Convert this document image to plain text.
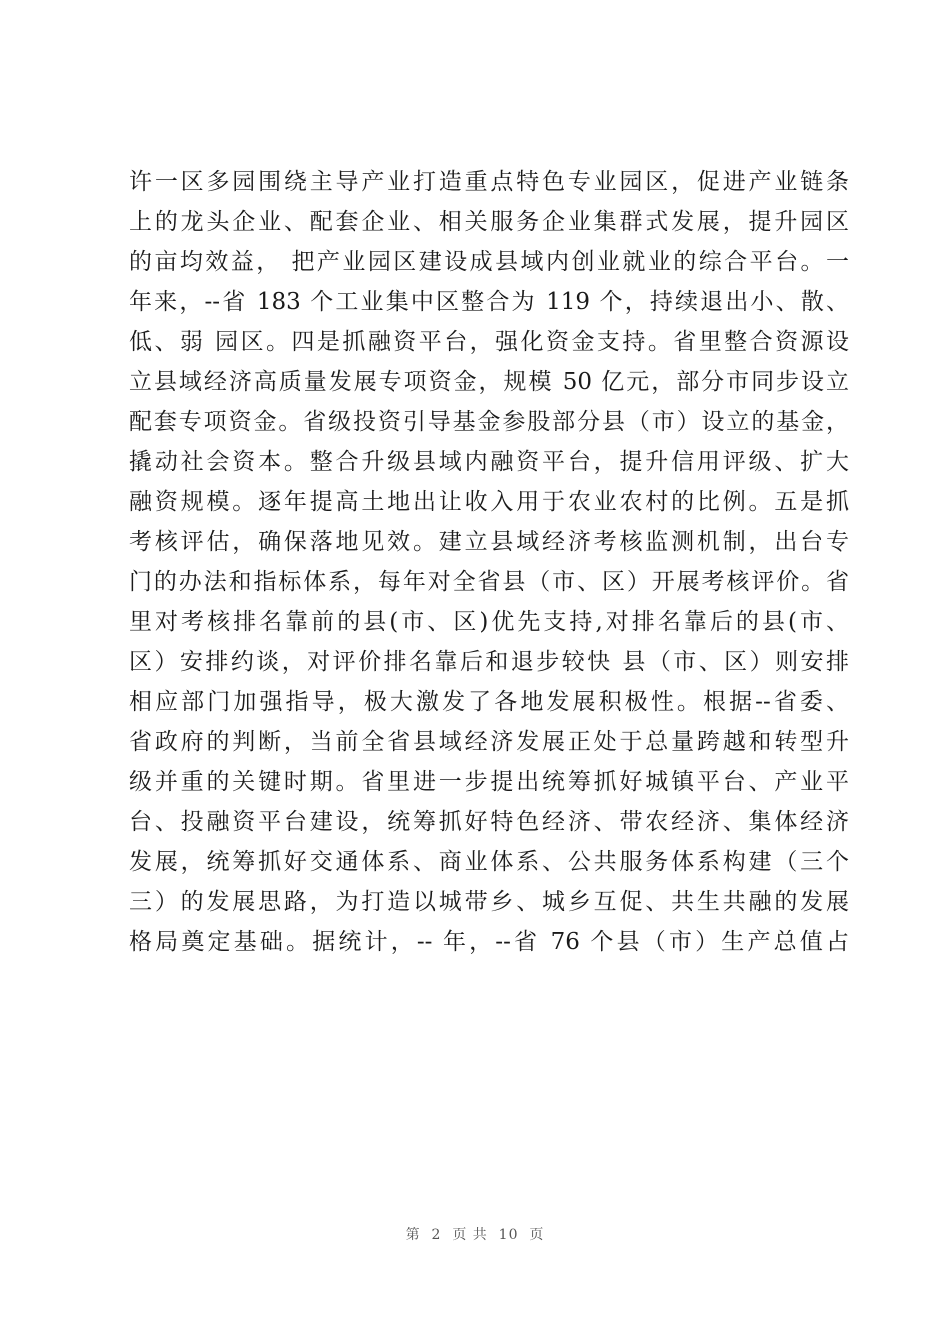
许一区多园围绕主导产业打造重点特色专业园区，促进产业链条
上的龙头企业、配套企业、相关服务企业集群式发展，提升园区
的亩均效益， 把产业园区建设成县域内创业就业的综合平台。一
年来，--省 183 个工业集中区整合为 119 个，持续退出小、散、
低、弱 园区。四是抓融资平台，强化资金支持。省里整合资源设
立县域经济高质量发展专项资金，规模 50 亿元，部分市同步设立
配套专项资金。省级投资引导基金参股部分县（市）设立的基金，
撬动社会资本。整合升级县域内融资平台，提升信用评级、扩大
融资规模。逐年提高土地出让收入用于农业农村的比例。五是抓
考核评估，确保落地见效。建立县域经济考核监测机制，出台专
门的办法和指标体系，每年对全省县（市、区）开展考核评价。省
里对考核排名靠前的县(市、区)优先支持,对排名靠后的县(市、
区）安排约谈，对评价排名靠后和退步较快 县（市、区）则安排
相应部门加强指导，极大激发了各地发展积极性。根据--省委、
省政府的判断，当前全省县域经济发展正处于总量跨越和转型升
级并重的关键时期。省里进一步提出统筹抓好城镇平台、产业平
台、投融资平台建设，统筹抓好特色经济、带农经济、集体经济
发展，统筹抓好交通体系、商业体系、公共服务体系构建（三个
三）的发展思路，为打造以城带乡、城乡互促、共生共融的发展
格局奠定基础。据统计，-- 年，--省 76 个县（市）生产总值占
第  2  页 共  10  页
